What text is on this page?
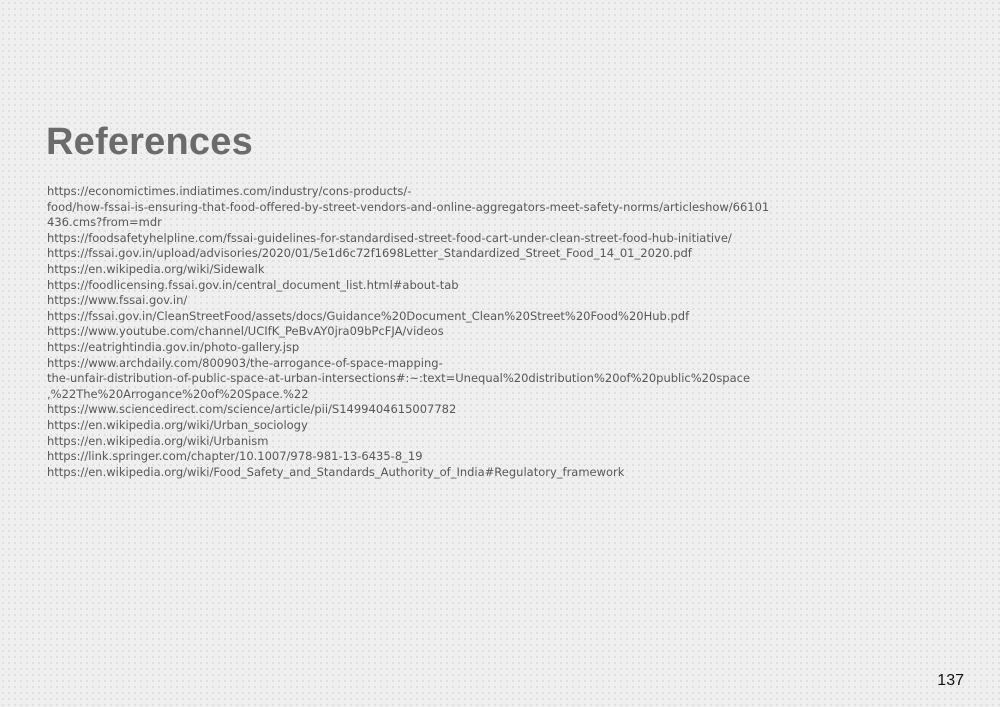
References
https://economictimes.indiatimes.com/industry/cons-products/-
food/how-fssai-is-ensuring-that-food-offered-by-street-vendors-and-online-aggregators-meet-safety-norms/articleshow/66101
436.cms?from=mdr
https://foodsafetyhelpline.com/fssai-guidelines-for-standardised-street-food-cart-under-clean-street-food-hub-initiative/
https://fssai.gov.in/upload/advisories/2020/01/5e1d6c72f1698Letter_Standardized_Street_Food_14_01_2020.pdf
https://en.wikipedia.org/wiki/Sidewalk
https://foodlicensing.fssai.gov.in/central_document_list.html#about-tab
https://www.fssai.gov.in/
https://fssai.gov.in/CleanStreetFood/assets/docs/Guidance%20Document_Clean%20Street%20Food%20Hub.pdf
https://www.youtube.com/channel/UCIfK_PeBvAY0jra09bPcFJA/videos
https://eatrightindia.gov.in/photo-gallery.jsp
https://www.archdaily.com/800903/the-arrogance-of-space-mapping-
the-unfair-distribution-of-public-space-at-urban-intersections#:~:text=Unequal%20distribution%20of%20public%20space
,%22The%20Arrogance%20of%20Space.%22
https://www.sciencedirect.com/science/article/pii/S1499404615007782
https://en.wikipedia.org/wiki/Urban_sociology
https://en.wikipedia.org/wiki/Urbanism
https://link.springer.com/chapter/10.1007/978-981-13-6435-8_19
https://en.wikipedia.org/wiki/Food_Safety_and_Standards_Authority_of_India#Regulatory_framework
137
